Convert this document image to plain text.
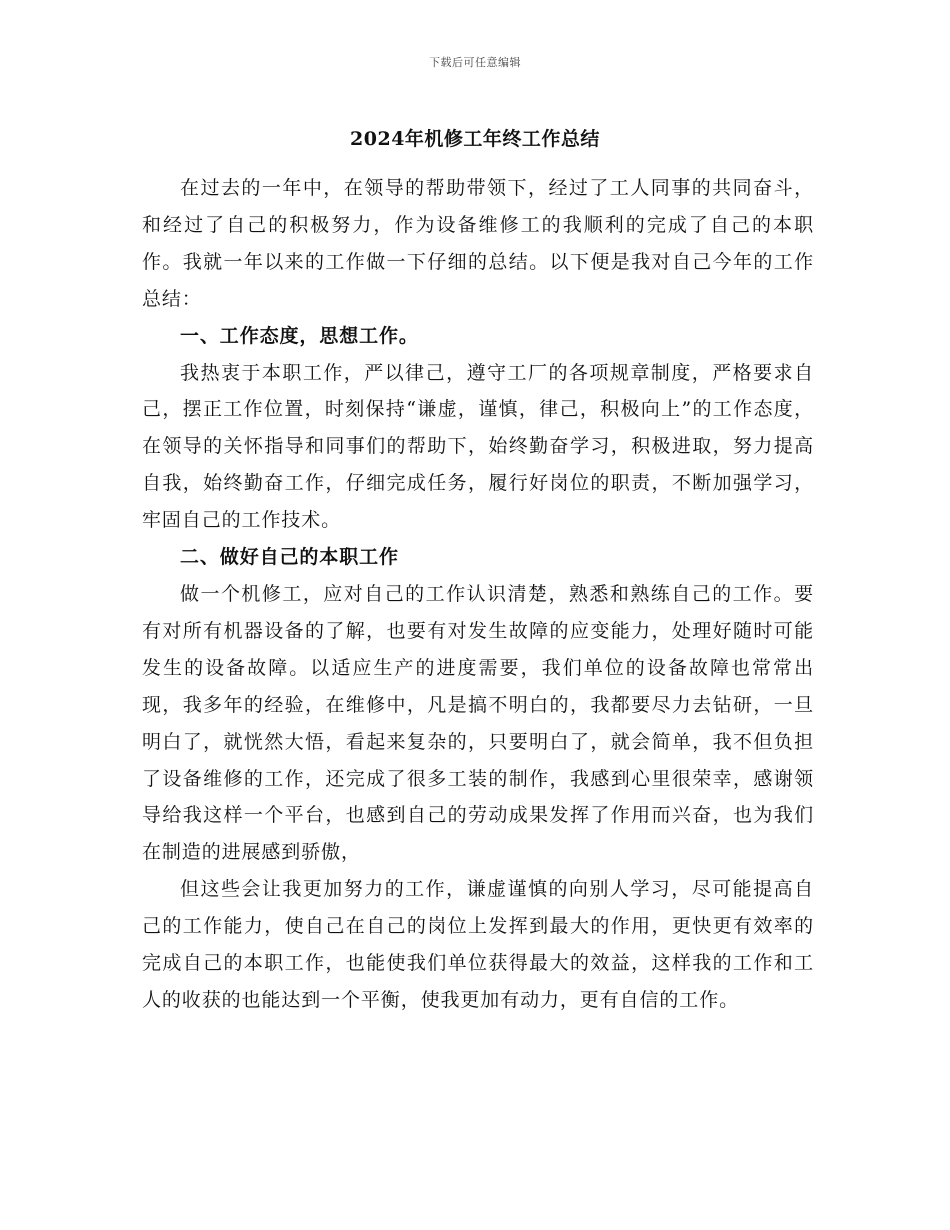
下载后可任意编辑
2024年机修工年终工作总结

在过去的一年中，在领导的帮助带领下，经过了工人同事的共同奋斗，和经过了自己的积极努力，作为设备维修工的我顺利的完成了自己的本职作。我就一年以来的工作做一下仔细的总结。以下便是我对自己今年的工作总结：

一、工作态度，思想工作。

我热衷于本职工作，严以律己，遵守工厂的各项规章制度，严格要求自己，摆正工作位置，时刻保持“谦虚，谨慎，律己，积极向上”的工作态度，在领导的关怀指导和同事们的帮助下，始终勤奋学习，积极进取，努力提高自我，始终勤奋工作，仔细完成任务，履行好岗位的职责，不断加强学习，牢固自己的工作技术。

二、做好自己的本职工作

做一个机修工，应对自己的工作认识清楚，熟悉和熟练自己的工作。要有对所有机器设备的了解，也要有对发生故障的应变能力，处理好随时可能发生的设备故障。以适应生产的进度需要，我们单位的设备故障也常常出现，我多年的经验，在维修中，凡是搞不明白的，我都要尽力去钻研，一旦明白了，就恍然大悟，看起来复杂的，只要明白了，就会简单，我不但负担了设备维修的工作，还完成了很多工装的制作，我感到心里很荣幸，感谢领导给我这样一个平台，也感到自己的劳动成果发挥了作用而兴奋，也为我们在制造的进展感到骄傲，

但这些会让我更加努力的工作，谦虚谨慎的向别人学习，尽可能提高自己的工作能力，使自己在自己的岗位上发挥到最大的作用，更快更有效率的完成自己的本职工作，也能使我们单位获得最大的效益，这样我的工作和工人的收获的也能达到一个平衡，使我更加有动力，更有自信的工作。
